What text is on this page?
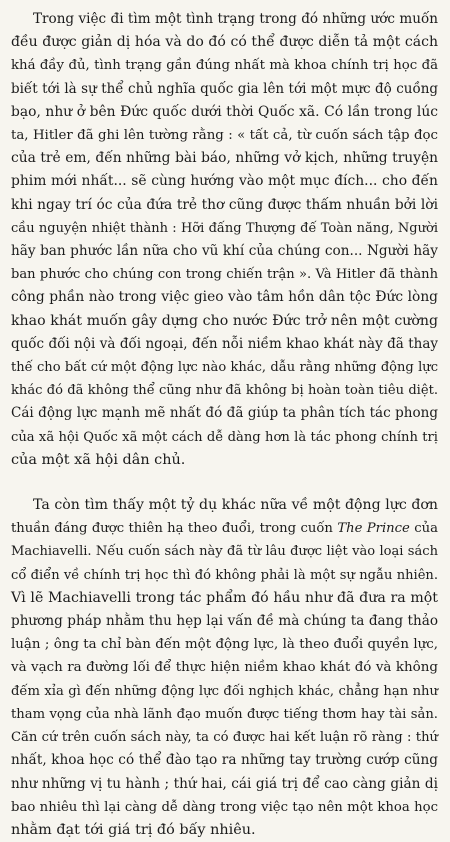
Trong việc đi tìm một tình trạng trong đó những ước muốn
đều được giản dị hóa và do đó có thể được diễn tả một cách
khá đầy đủ, tình trạng gần đúng nhất mà khoa chính trị học đã
biết tới là sự thể chủ nghĩa quốc gia lên tới một mực độ cuồng
bạo, như ở bên Đức quốc dưới thời Quốc xã. Có lần trong lúc
ta, Hitler đã ghi lên tường rằng : « tất cả, từ cuốn sách tập đọc
của trẻ em, đến những bài báo, những vở kịch, những truyện
phim mới nhất... sẽ cùng hướng vào một mục đích... cho đến
khi ngay trí óc của đứa trẻ thơ cũng được thấm nhuần bởi lời
cầu nguyện nhiệt thành : Hỡi đấng Thượng đế Toàn năng, Người
hãy ban phước lần nữa cho vũ khí của chúng con... Người hãy
ban phước cho chúng con trong chiến trận ». Và Hitler đã thành
công phần nào trong việc gieo vào tâm hồn dân tộc Đức lòng
khao khát muốn gây dựng cho nước Đức trở nên một cường
quốc đối nội và đối ngoại, đến nỗi niềm khao khát này đã thay
thế cho bất cứ một động lực nào khác, dẫu rằng những động lực
khác đó đã không thể cũng như đã không bị hoàn toàn tiêu diệt.
Cái động lực mạnh mẽ nhất đó đã giúp ta phân tích tác phong
của xã hội Quốc xã một cách dễ dàng hơn là tác phong chính trị
của một xã hội dân chủ.
Ta còn tìm thấy một tỷ dụ khác nữa về một động lực đơn
thuần đáng được thiên hạ theo đuổi, trong cuốn The Prince của
Machiavelli. Nếu cuốn sách này đã từ lâu được liệt vào loại sách
cổ điển về chính trị học thì đó không phải là một sự ngẫu nhiên.
Vì lẽ Machiavelli trong tác phẩm đó hầu như đã đưa ra một
phương pháp nhằm thu hẹp lại vấn đề mà chúng ta đang thảo
luận ; ông ta chỉ bàn đến một động lực, là theo đuổi quyền lực,
và vạch ra đường lối để thực hiện niềm khao khát đó và không
đếm xỉa gì đến những động lực đối nghịch khác, chẳng hạn như
tham vọng của nhà lãnh đạo muốn được tiếng thơm hay tài sản.
Căn cứ trên cuốn sách này, ta có được hai kết luận rõ ràng : thứ
nhất, khoa học có thể đào tạo ra những tay trường cướp cũng
như những vị tu hành ; thứ hai, cái giá trị để cao càng giản dị
bao nhiêu thì lại càng dễ dàng trong việc tạo nên một khoa học
nhằm đạt tới giá trị đó bấy nhiêu.
